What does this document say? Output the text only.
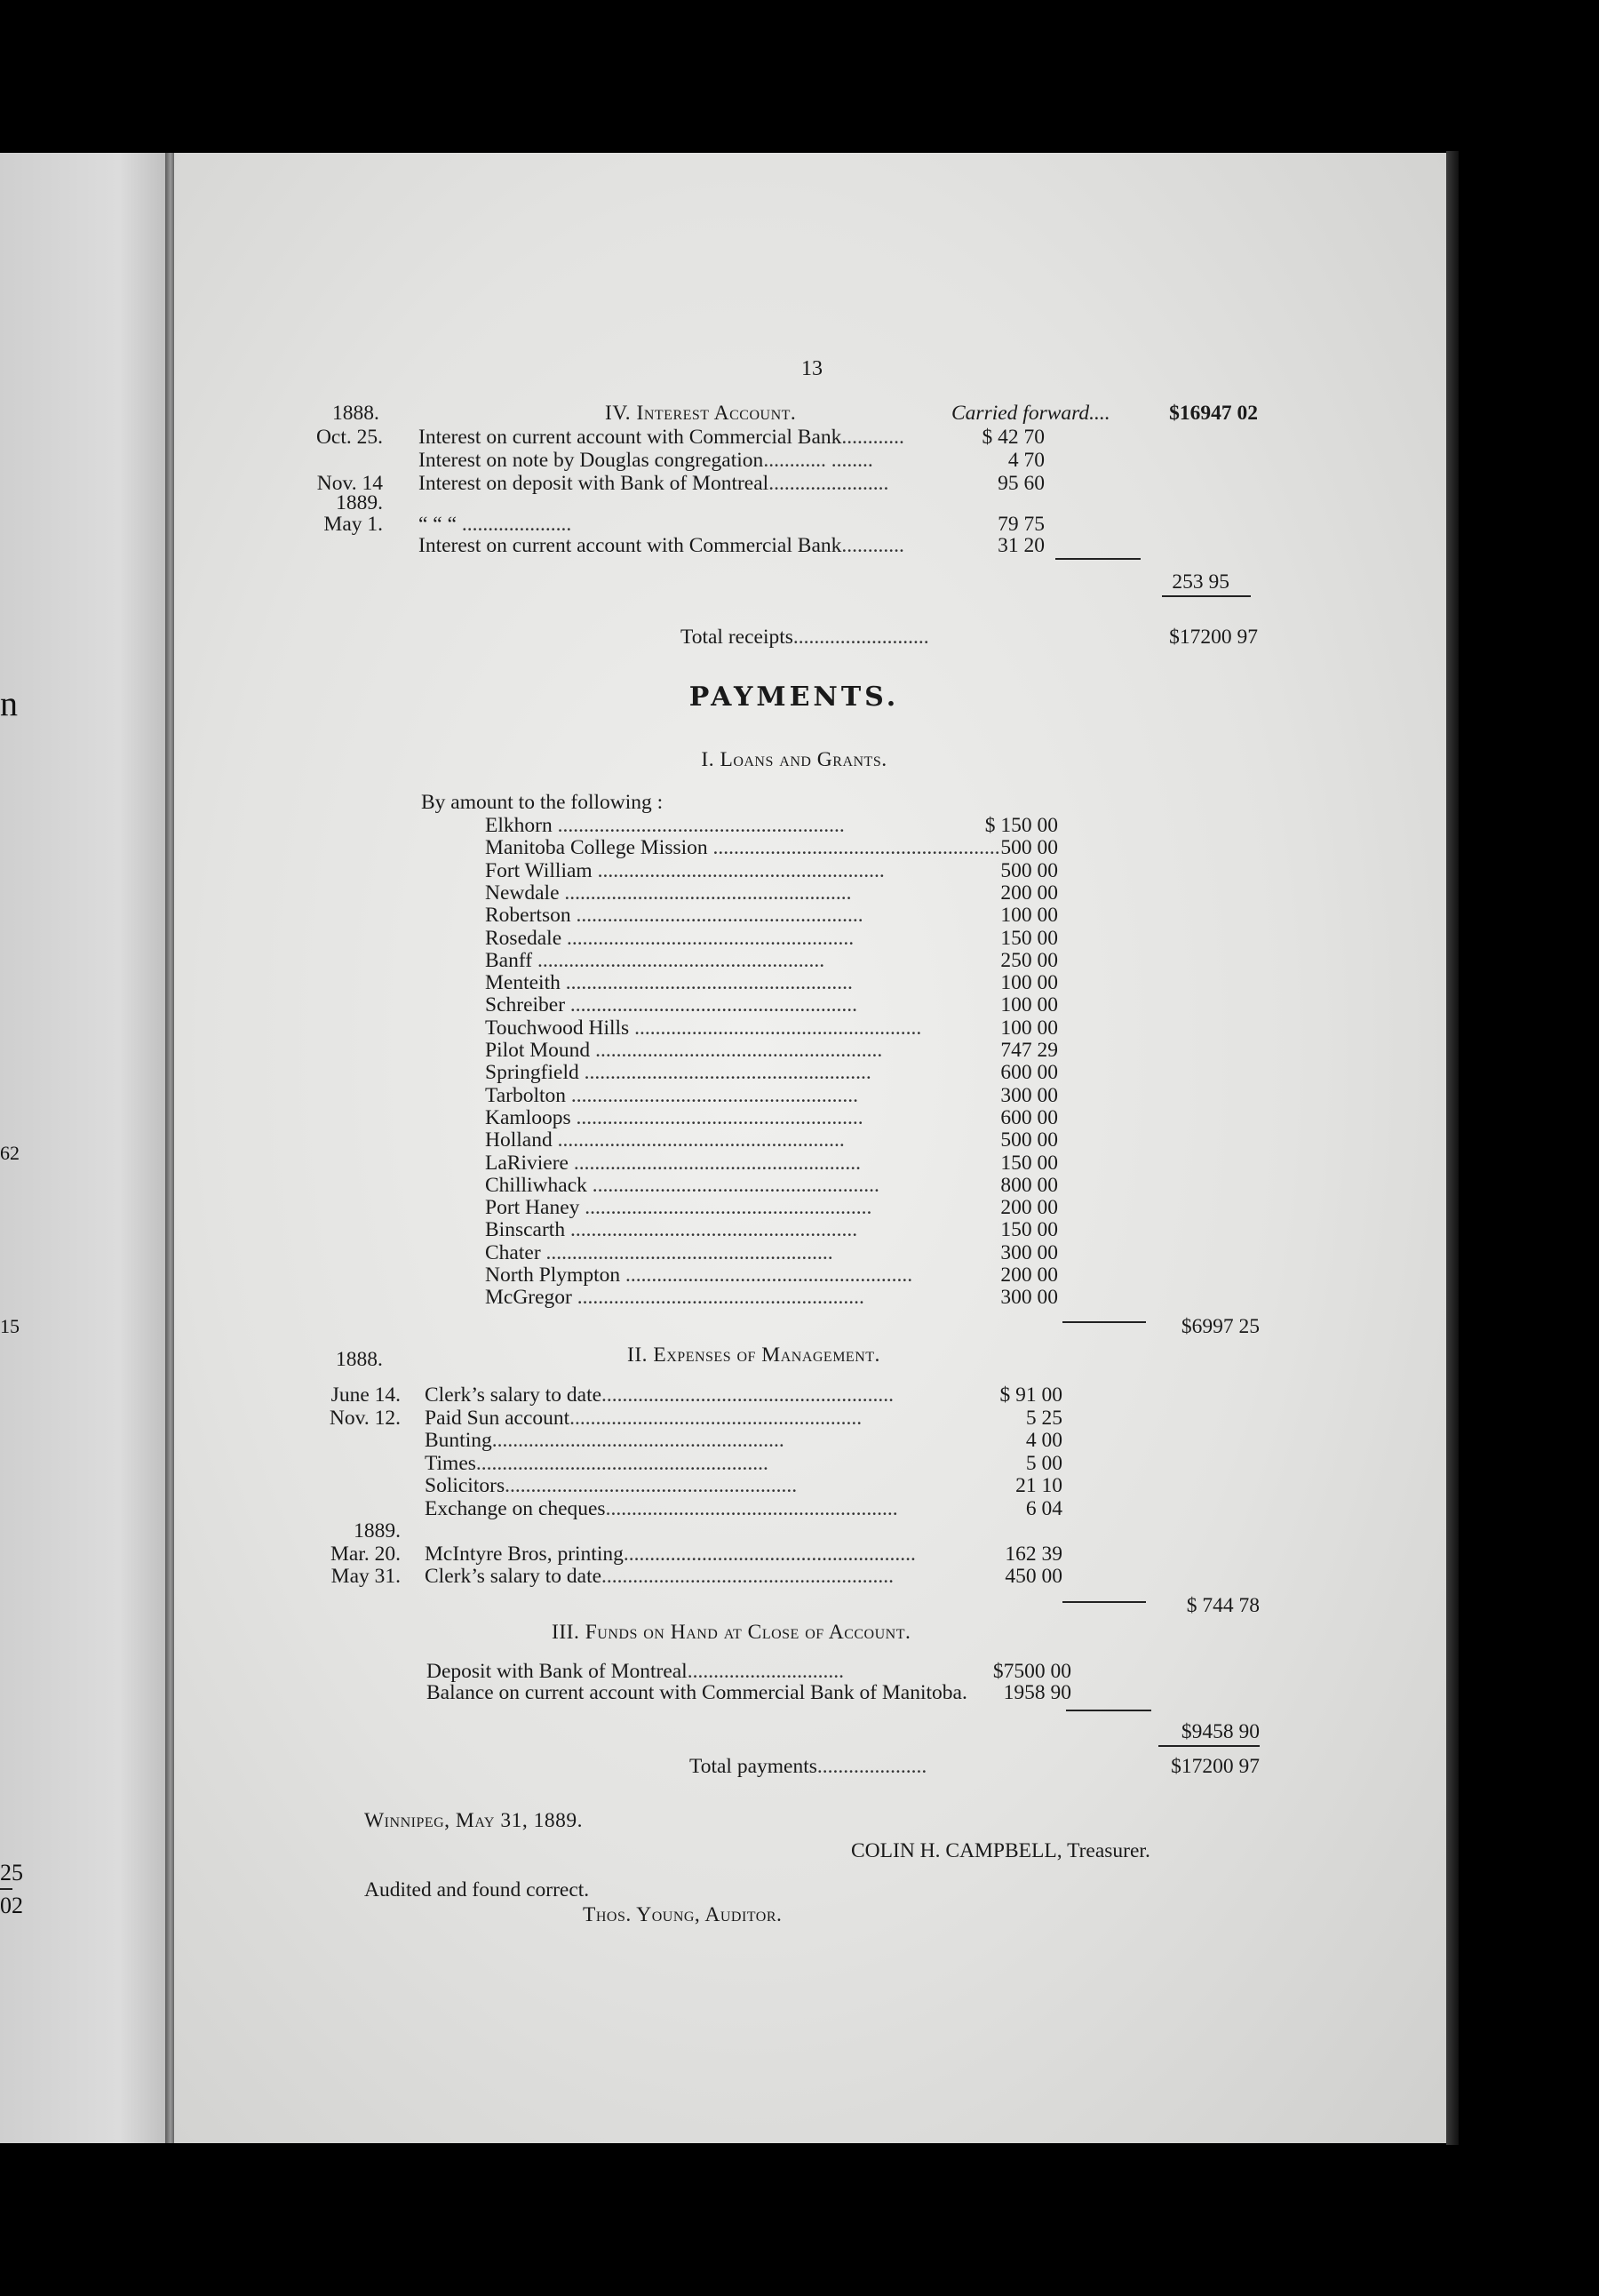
n
62
15
25
02
13
1888.	IV. Interest Account.	Carried forward....	$16947 02
Oct. 25. Interest on current account with Commercial Bank............	$ 42 70
Interest on note by Douglas congregation............ ........	4 70
Nov. 14 Interest on deposit with Bank of Montreal.......................	95 60
1889.
May 1. “ “ “ .....................	79 75
Interest on current account with Commercial Bank............	31 20
253 95
Total receipts..........................	$17200 97
PAYMENTS.
I. Loans and Grants.
By amount to the following :
Elkhorn .......................................................	$ 150 00
Manitoba College Mission ....................................................... 500 00
Fort William .......................................................	500 00
Newdale .......................................................	200 00
Robertson .......................................................	100 00
Rosedale .......................................................	150 00
Banff .......................................................	250 00
Menteith .......................................................	100 00
Schreiber .......................................................	100 00
Touchwood Hills .......................................................	100 00
Pilot Mound .......................................................	747 29
Springfield .......................................................	600 00
Tarbolton .......................................................	300 00
Kamloops .......................................................	600 00
Holland .......................................................	500 00
LaRiviere .......................................................	150 00
Chilliwhack .......................................................	800 00
Port Haney .......................................................	200 00
Binscarth .......................................................	150 00
Chater .......................................................	300 00
North Plympton .......................................................	200 00
McGregor .......................................................	300 00
$6997 25
1888.	II. Expenses of Management.
June 14. Clerk’s salary to date........................................................	$ 91 00
Nov. 12. Paid Sun account........................................................	5 25
Bunting........................................................	4 00
Times........................................................	5 00
Solicitors........................................................	21 10
Exchange on cheques........................................................	6 04
1889.
Mar. 20. McIntyre Bros, printing........................................................	162 39
May 31. Clerk’s salary to date........................................................	450 00
$ 744 78
III. Funds on Hand at Close of Account.
Deposit with Bank of Montreal..............................	$7500 00
Balance on current account with Commercial Bank of Manitoba.	1958 90
$9458 90
Total payments.....................	$17200 97
Winnipeg, May 31, 1889.
COLIN H. CAMPBELL, Treasurer.
Audited and found correct.
Thos. Young, Auditor.
